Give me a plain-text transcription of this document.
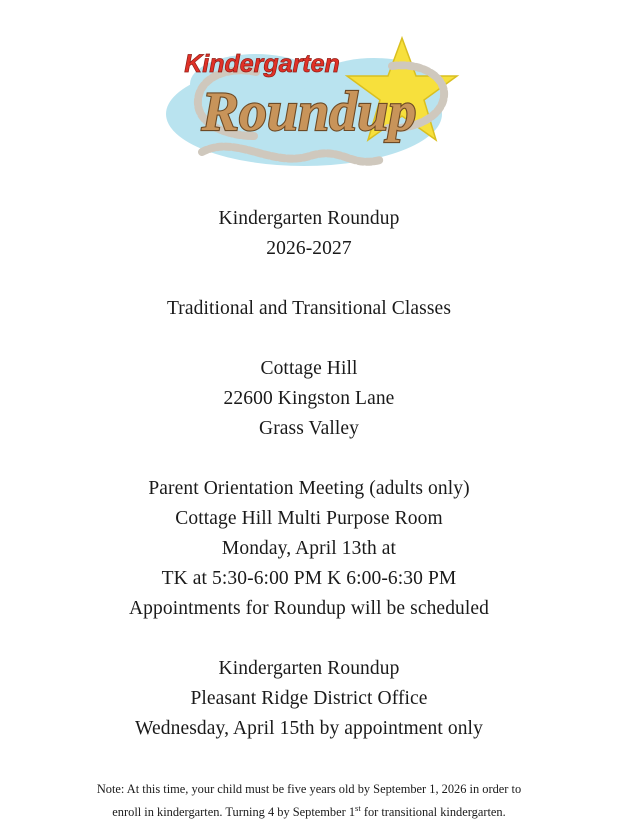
Kindergarten
Roundup
Kindergarten Roundup
2026-2027
Traditional and Transitional Classes
Cottage Hill
22600 Kingston Lane
Grass Valley
Parent Orientation Meeting (adults only)
Cottage Hill Multi Purpose Room
Monday, April 13th at
TK at 5:30-6:00 PM K 6:00-6:30 PM
Appointments for Roundup will be scheduled
Kindergarten Roundup
Pleasant Ridge District Office
Wednesday, April 15th by appointment only
Note: At this time, your child must be five years old by September 1, 2026 in order to enroll in kindergarten. Turning 4 by September 1st for transitional kindergarten.
